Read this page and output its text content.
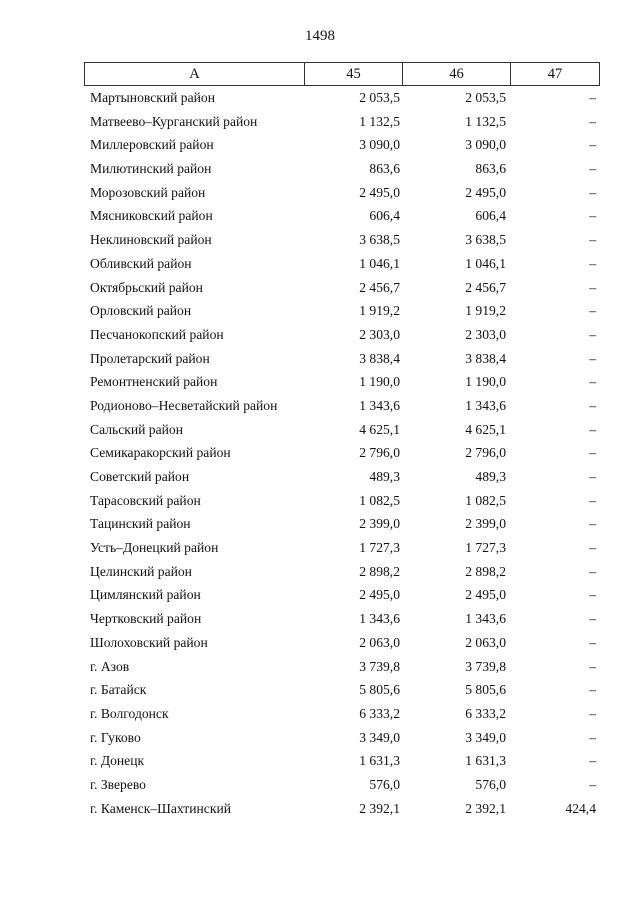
1498
А	45	46	47
Мартыновский район	2 053,5	2 053,5	–
Матвеево–Курганский район	1 132,5	1 132,5	–
Миллеровский район	3 090,0	3 090,0	–
Милютинский район	863,6	863,6	–
Морозовский район	2 495,0	2 495,0	–
Мясниковский район	606,4	606,4	–
Неклиновский район	3 638,5	3 638,5	–
Обливский район	1 046,1	1 046,1	–
Октябрьский район	2 456,7	2 456,7	–
Орловский район	1 919,2	1 919,2	–
Песчанокопский район	2 303,0	2 303,0	–
Пролетарский район	3 838,4	3 838,4	–
Ремонтненский район	1 190,0	1 190,0	–
Родионово–Несветайский район	1 343,6	1 343,6	–
Сальский район	4 625,1	4 625,1	–
Семикаракорский район	2 796,0	2 796,0	–
Советский район	489,3	489,3	–
Тарасовский район	1 082,5	1 082,5	–
Тацинский район	2 399,0	2 399,0	–
Усть–Донецкий район	1 727,3	1 727,3	–
Целинский район	2 898,2	2 898,2	–
Цимлянский район	2 495,0	2 495,0	–
Чертковский район	1 343,6	1 343,6	–
Шолоховский район	2 063,0	2 063,0	–
г. Азов	3 739,8	3 739,8	–
г. Батайск	5 805,6	5 805,6	–
г. Волгодонск	6 333,2	6 333,2	–
г. Гуково	3 349,0	3 349,0	–
г. Донецк	1 631,3	1 631,3	–
г. Зверево	576,0	576,0	–
г. Каменск–Шахтинский	2 392,1	2 392,1	424,4
